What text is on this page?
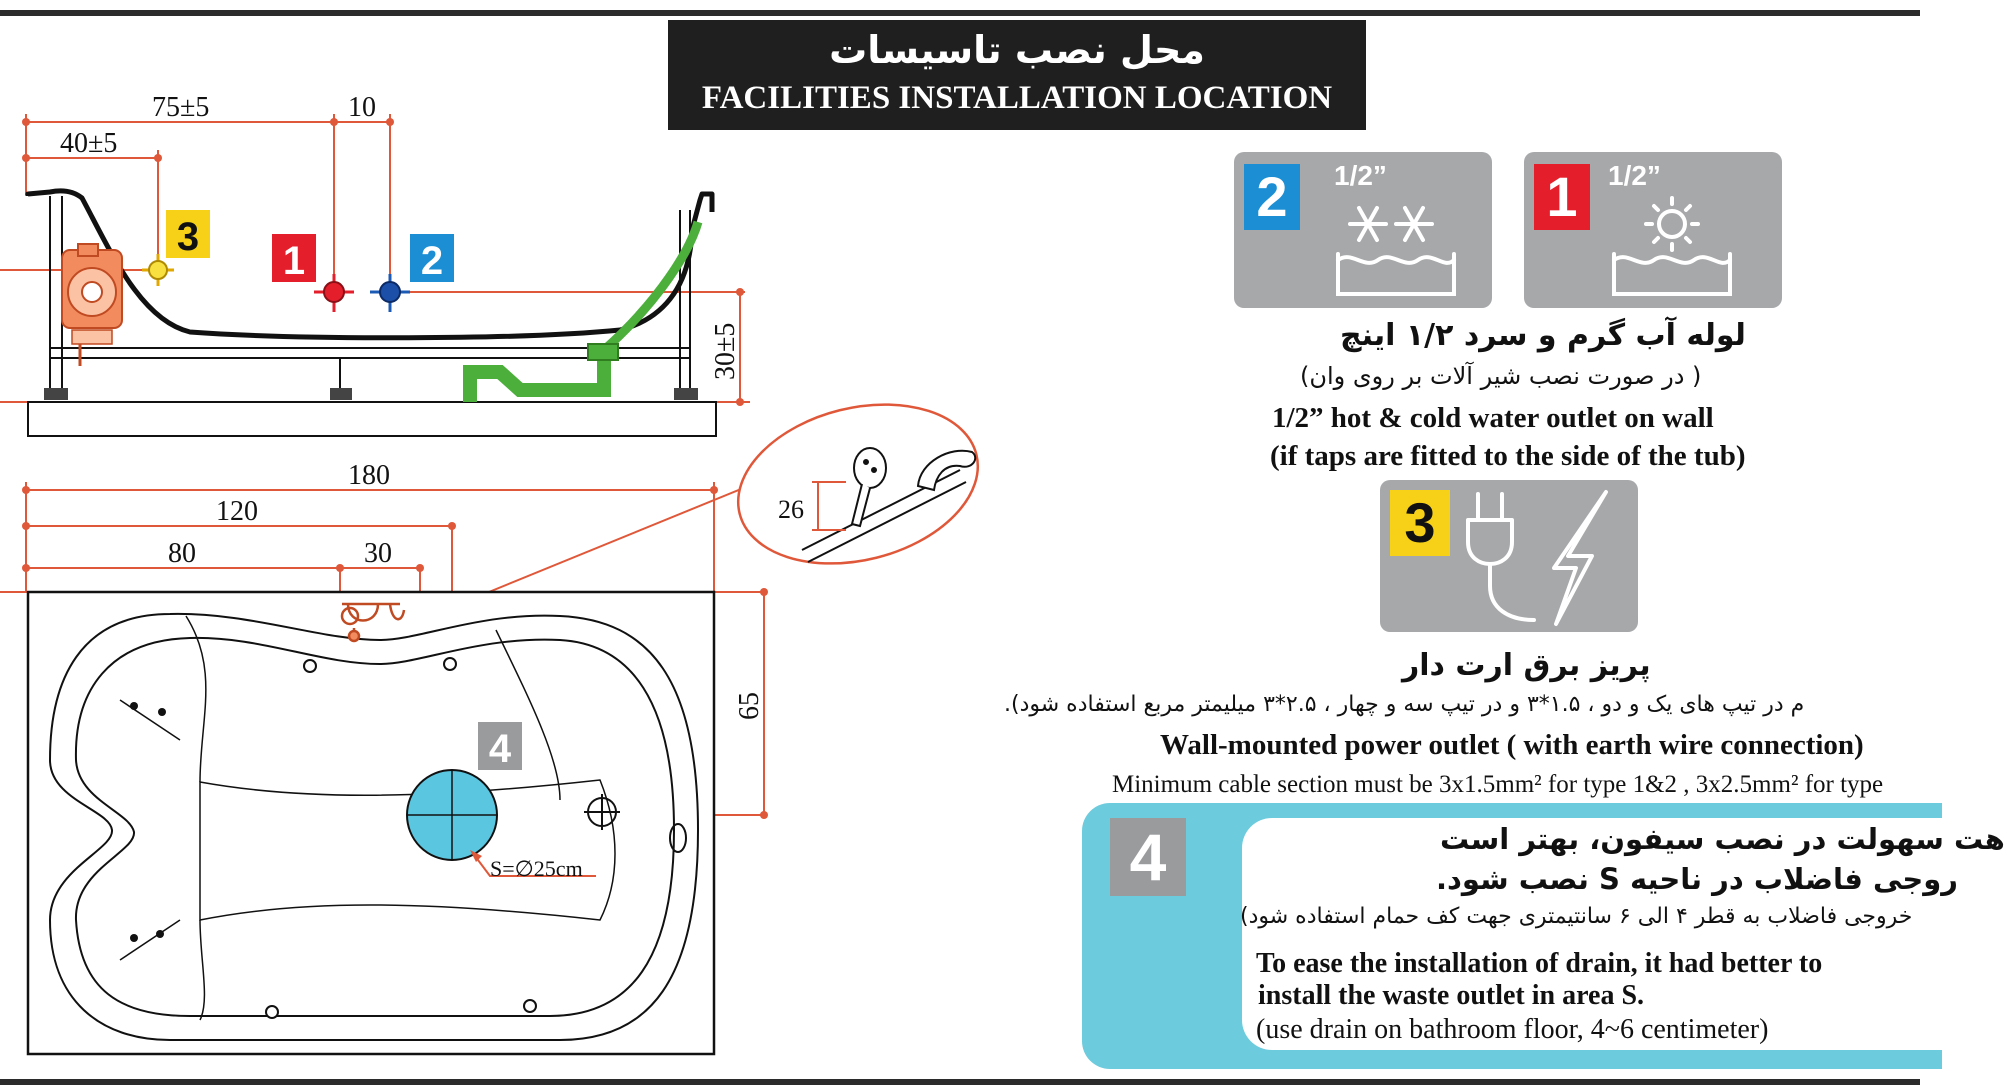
محل نصب تاسیسات
FACILITIES INSTALLATION LOCATION
75±5
40±5
10
30±5
3
1	2
180
120
80	30
65
4
S=∅25cm
26
2	1/2”	1	1/2”
لوله آب گرم و سرد ۱/۲ اینچ
( در صورت نصب شیر آلات بر روی وان)
1/2” hot & cold water outlet on wall
(if taps are fitted to the side of the tub)
3
پریز برق ارت دار
م در تیپ های یک و دو ، ۱.۵*۳ و در تیپ سه و چهار ، ۲.۵*۳ میلیمتر مربع استفاده شود).
Wall-mounted power outlet ( with earth wire connection)
Minimum cable section must be 3x1.5mm² for type 1&2 , 3x2.5mm² for type
4	هت سهولت در نصب سیفون، بهتر است
روجی فاضلاب در ناحیه S نصب شود.
خروجی فاضلاب به قطر ۴ الی ۶ سانتیمتری جهت کف حمام استفاده شود)
To ease the installation of drain, it had better to
install the waste outlet in area S.
(use drain on bathroom floor, 4~6 centimeter)
